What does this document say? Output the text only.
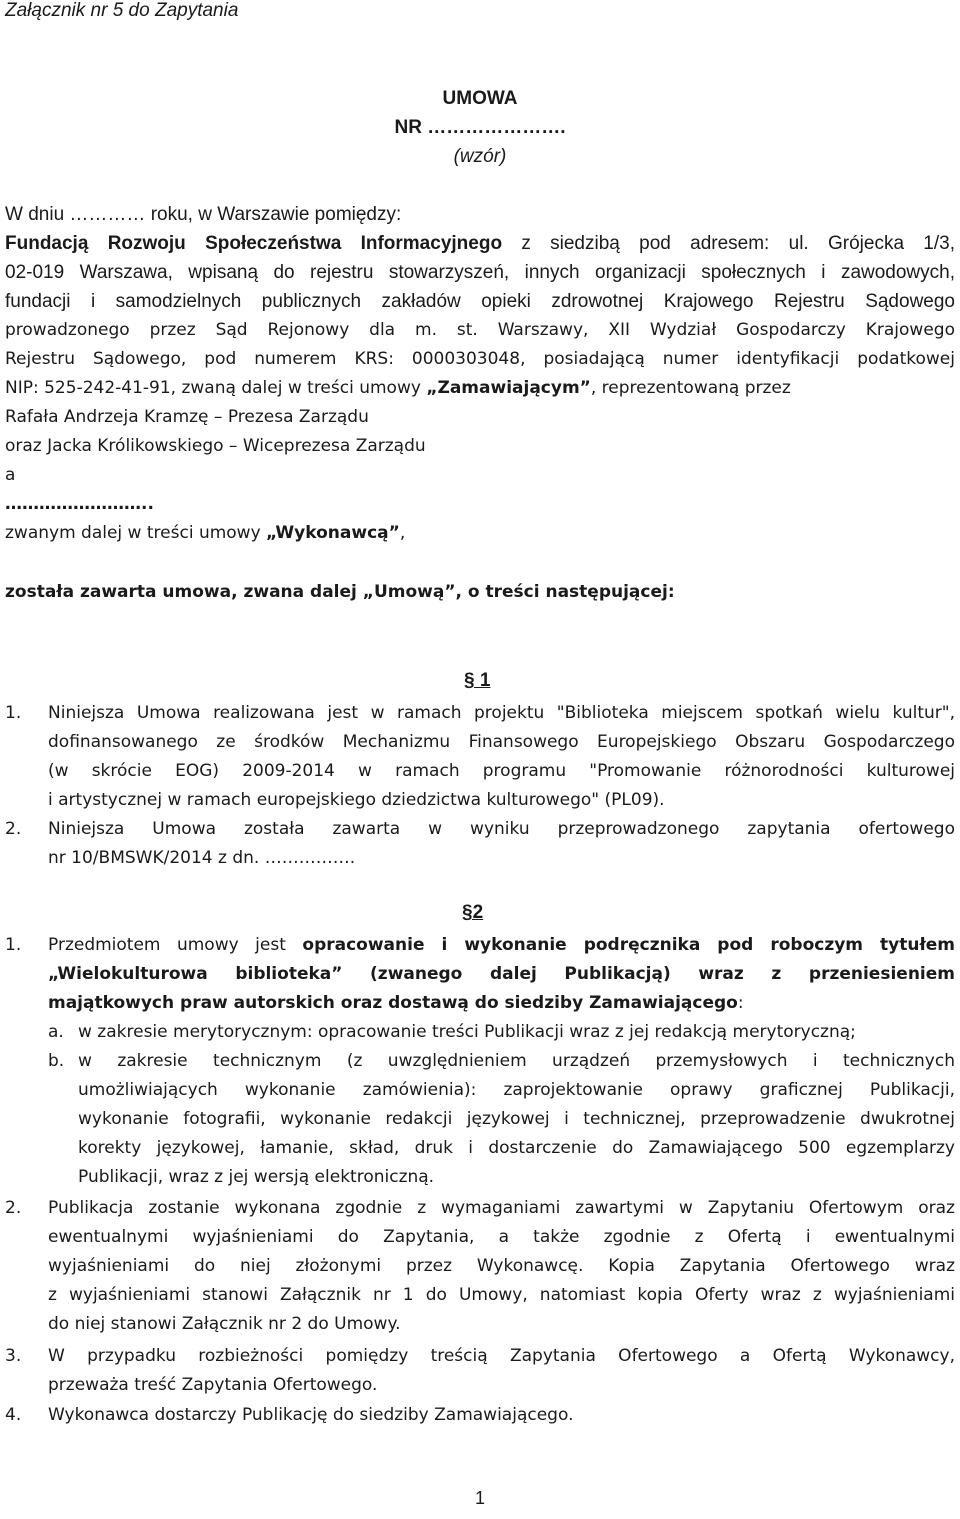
Załącznik nr 5 do Zapytania
UMOWA
NR ………………….
(wzór)
W dniu ………… roku, w Warszawie pomiędzy:
Fundacją Rozwoju Społeczeństwa Informacyjnego z siedzibą pod adresem: ul. Grójecka 1/3,
02-019 Warszawa, wpisaną do rejestru stowarzyszeń, innych organizacji społecznych i zawodowych,
fundacji i samodzielnych publicznych zakładów opieki zdrowotnej Krajowego Rejestru Sądowego
prowadzonego przez Sąd Rejonowy dla m. st. Warszawy, XII Wydział Gospodarczy Krajowego
Rejestru Sądowego, pod numerem KRS: 0000303048, posiadającą numer identyfikacji podatkowej
NIP: 525-242-41-91, zwaną dalej w treści umowy „Zamawiającym”, reprezentowaną przez
Rafała Andrzeja Kramzę – Prezesa Zarządu
oraz Jacka Królikowskiego – Wiceprezesa Zarządu
a
……………………..
zwanym dalej w treści umowy „Wykonawcą”,
została zawarta umowa, zwana dalej „Umową”, o treści następującej:
§ 1
1. Niniejsza Umowa realizowana jest w ramach projektu "Biblioteka miejscem spotkań wielu kultur",
dofinansowanego ze środków Mechanizmu Finansowego Europejskiego Obszaru Gospodarczego
(w skrócie EOG) 2009-2014 w ramach programu "Promowanie różnorodności kulturowej
i artystycznej w ramach europejskiego dziedzictwa kulturowego" (PL09).
2. Niniejsza Umowa została zawarta w wyniku przeprowadzonego zapytania ofertowego
nr 10/BMSWK/2014 z dn. …………….
§2
1. Przedmiotem umowy jest opracowanie i wykonanie podręcznika pod roboczym tytułem
„Wielokulturowa biblioteka” (zwanego dalej Publikacją) wraz z przeniesieniem
majątkowych praw autorskich oraz dostawą do siedziby Zamawiającego:
a. w zakresie merytorycznym: opracowanie treści Publikacji wraz z jej redakcją merytoryczną;
b. w zakresie technicznym (z uwzględnieniem urządzeń przemysłowych i technicznych
umożliwiających wykonanie zamówienia): zaprojektowanie oprawy graficznej Publikacji,
wykonanie fotografii, wykonanie redakcji językowej i technicznej, przeprowadzenie dwukrotnej
korekty językowej, łamanie, skład, druk i dostarczenie do Zamawiającego 500 egzemplarzy
Publikacji, wraz z jej wersją elektroniczną.
2. Publikacja zostanie wykonana zgodnie z wymaganiami zawartymi w Zapytaniu Ofertowym oraz
ewentualnymi wyjaśnieniami do Zapytania, a także zgodnie z Ofertą i ewentualnymi
wyjaśnieniami do niej złożonymi przez Wykonawcę. Kopia Zapytania Ofertowego wraz
z wyjaśnieniami stanowi Załącznik nr 1 do Umowy, natomiast kopia Oferty wraz z wyjaśnieniami
do niej stanowi Załącznik nr 2 do Umowy.
3. W przypadku rozbieżności pomiędzy treścią Zapytania Ofertowego a Ofertą Wykonawcy,
przeważa treść Zapytania Ofertowego.
4. Wykonawca dostarczy Publikację do siedziby Zamawiającego.
1
